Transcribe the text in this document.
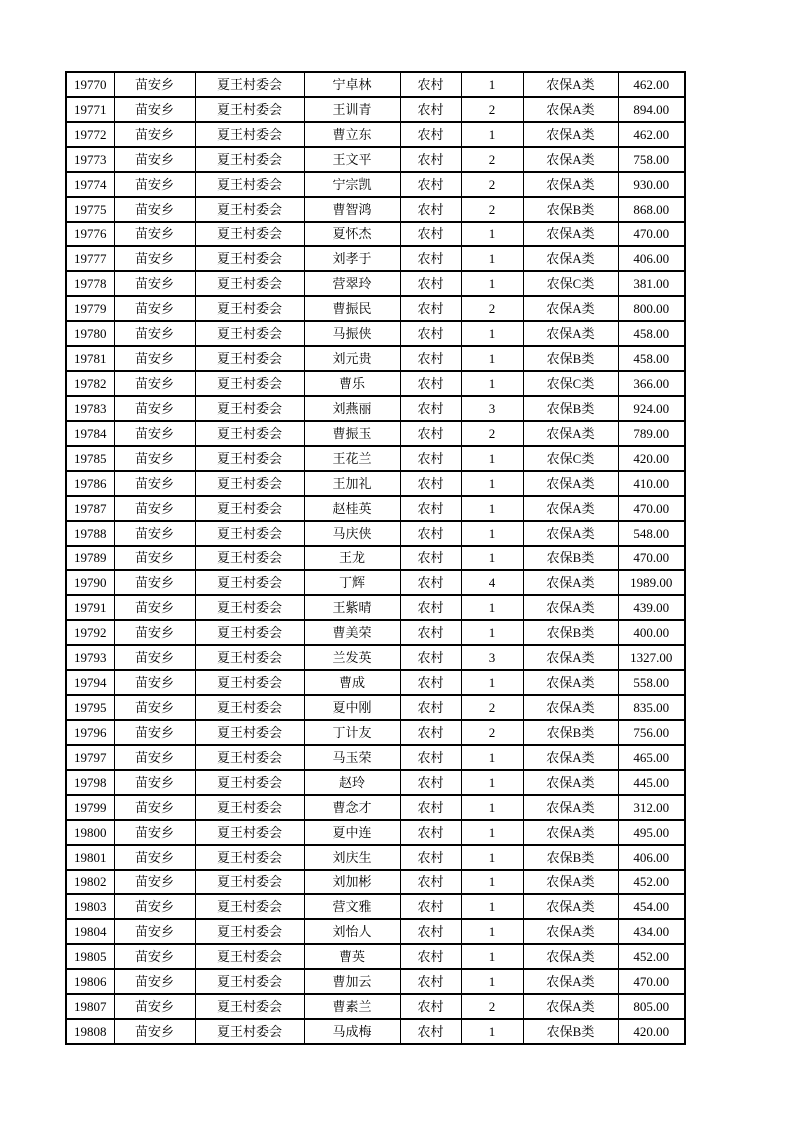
19770	苗安乡	夏王村委会	宁卓林	农村	1	农保A类	462.00
19771	苗安乡	夏王村委会	王训青	农村	2	农保A类	894.00
19772	苗安乡	夏王村委会	曹立东	农村	1	农保A类	462.00
19773	苗安乡	夏王村委会	王文平	农村	2	农保A类	758.00
19774	苗安乡	夏王村委会	宁宗凯	农村	2	农保A类	930.00
19775	苗安乡	夏王村委会	曹智鸿	农村	2	农保B类	868.00
19776	苗安乡	夏王村委会	夏怀杰	农村	1	农保A类	470.00
19777	苗安乡	夏王村委会	刘孝于	农村	1	农保A类	406.00
19778	苗安乡	夏王村委会	营翠玲	农村	1	农保C类	381.00
19779	苗安乡	夏王村委会	曹振民	农村	2	农保A类	800.00
19780	苗安乡	夏王村委会	马振侠	农村	1	农保A类	458.00
19781	苗安乡	夏王村委会	刘元贵	农村	1	农保B类	458.00
19782	苗安乡	夏王村委会	曹乐	农村	1	农保C类	366.00
19783	苗安乡	夏王村委会	刘燕丽	农村	3	农保B类	924.00
19784	苗安乡	夏王村委会	曹振玉	农村	2	农保A类	789.00
19785	苗安乡	夏王村委会	王花兰	农村	1	农保C类	420.00
19786	苗安乡	夏王村委会	王加礼	农村	1	农保A类	410.00
19787	苗安乡	夏王村委会	赵桂英	农村	1	农保A类	470.00
19788	苗安乡	夏王村委会	马庆侠	农村	1	农保A类	548.00
19789	苗安乡	夏王村委会	王龙	农村	1	农保B类	470.00
19790	苗安乡	夏王村委会	丁辉	农村	4	农保A类	1989.00
19791	苗安乡	夏王村委会	王紫晴	农村	1	农保A类	439.00
19792	苗安乡	夏王村委会	曹美荣	农村	1	农保B类	400.00
19793	苗安乡	夏王村委会	兰发英	农村	3	农保A类	1327.00
19794	苗安乡	夏王村委会	曹成	农村	1	农保A类	558.00
19795	苗安乡	夏王村委会	夏中刚	农村	2	农保A类	835.00
19796	苗安乡	夏王村委会	丁计友	农村	2	农保B类	756.00
19797	苗安乡	夏王村委会	马玉荣	农村	1	农保A类	465.00
19798	苗安乡	夏王村委会	赵玲	农村	1	农保A类	445.00
19799	苗安乡	夏王村委会	曹念才	农村	1	农保A类	312.00
19800	苗安乡	夏王村委会	夏中连	农村	1	农保A类	495.00
19801	苗安乡	夏王村委会	刘庆生	农村	1	农保B类	406.00
19802	苗安乡	夏王村委会	刘加彬	农村	1	农保A类	452.00
19803	苗安乡	夏王村委会	营文雅	农村	1	农保A类	454.00
19804	苗安乡	夏王村委会	刘怡人	农村	1	农保A类	434.00
19805	苗安乡	夏王村委会	曹英	农村	1	农保A类	452.00
19806	苗安乡	夏王村委会	曹加云	农村	1	农保A类	470.00
19807	苗安乡	夏王村委会	曹素兰	农村	2	农保A类	805.00
19808	苗安乡	夏王村委会	马成梅	农村	1	农保B类	420.00
